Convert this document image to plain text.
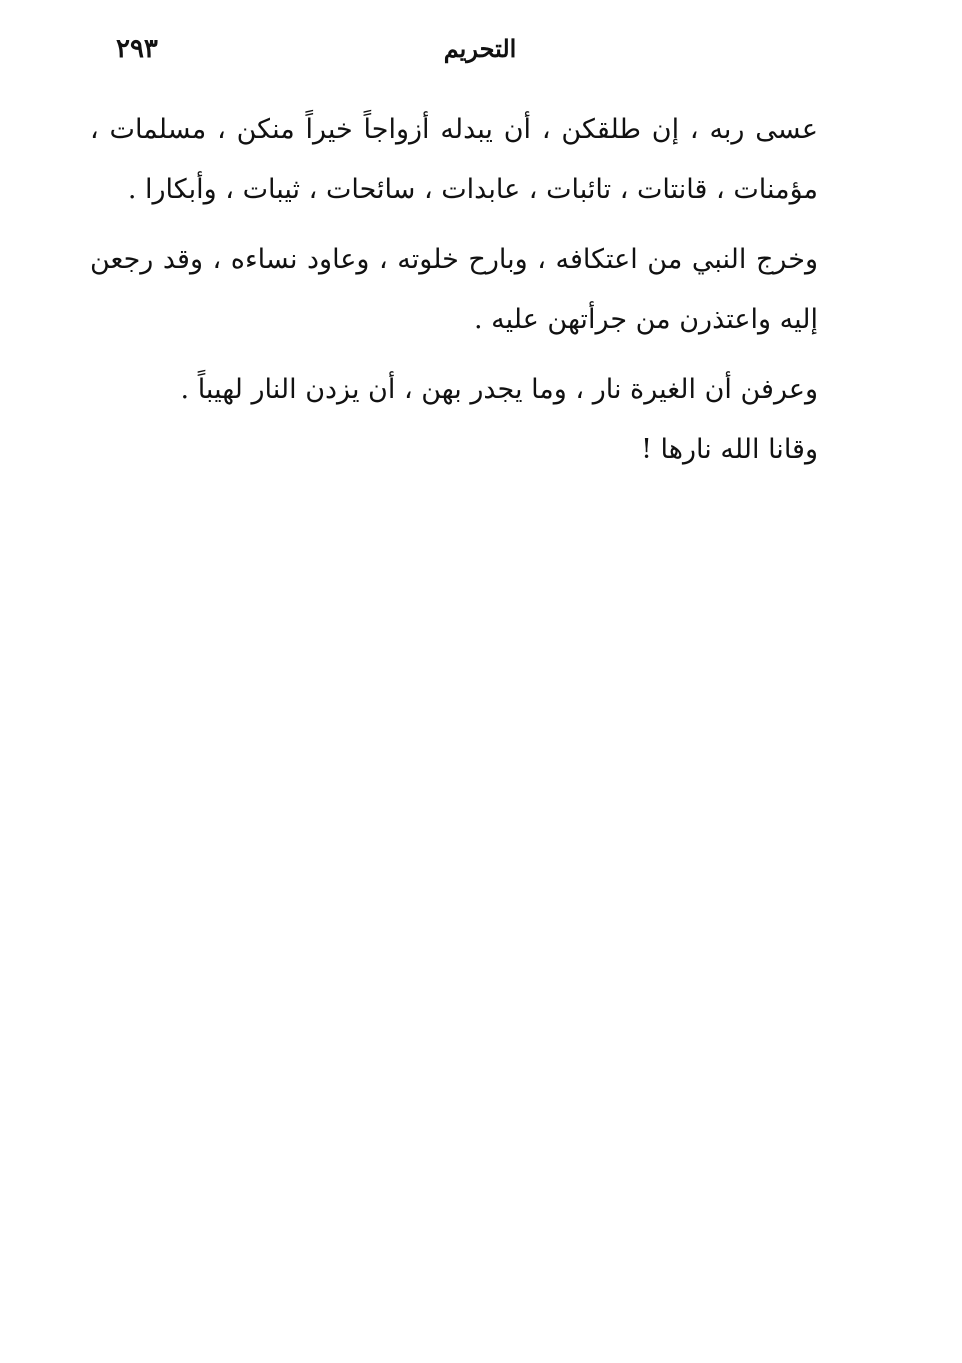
التحريم
٢٩٣

عسى ربه ، إن طلقكن ، أن يبدله أزواجاً خيراً منكن ، مسلمات ، مؤمنات ، قانتات ، تائبات ، عابدات ، سائحات ، ثيبات ، وأبكارا .

وخرج النبي من اعتكافه ، وبارح خلوته ، وعاود نساءه ، وقد رجعن إليه واعتذرن من جرأتهن عليه .

وعرفن أن الغيرة نار ، وما يجدر بهن ، أن يزدن النار لهيباً .

وقانا الله نارها !
